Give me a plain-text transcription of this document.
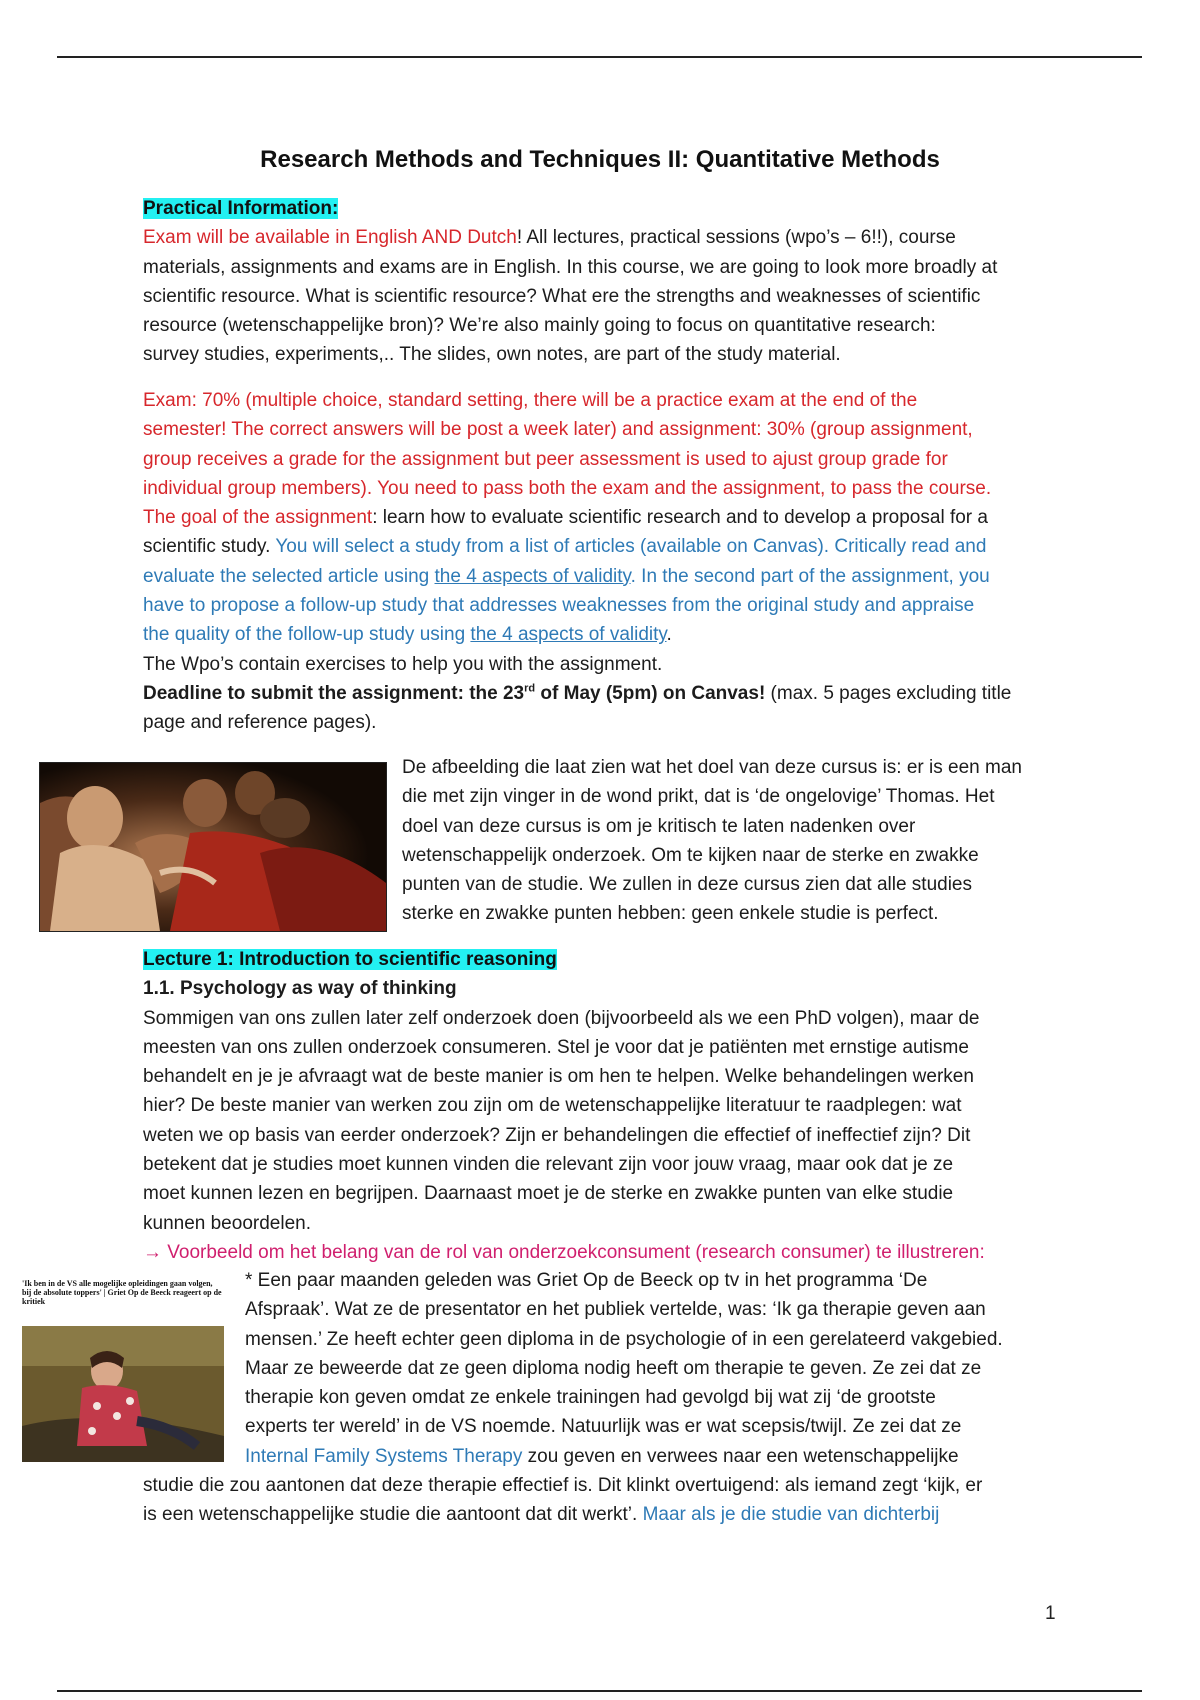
Research Methods and Techniques II: Quantitative Methods
Practical Information:
Exam will be available in English AND Dutch! All lectures, practical sessions (wpo’s – 6!!), course
materials, assignments and exams are in English. In this course, we are going to look more broadly at
scientific resource. What is scientific resource? What ere the strengths and weaknesses of scientific
resource (wetenschappelijke bron)? We’re also mainly going to focus on quantitative research:
survey studies, experiments,.. The slides, own notes, are part of the study material.
Exam: 70% (multiple choice, standard setting, there will be a practice exam at the end of the
semester! The correct answers will be post a week later) and assignment: 30% (group assignment,
group receives a grade for the assignment but peer assessment is used to ajust group grade for
individual group members). You need to pass both the exam and the assignment, to pass the course.
The goal of the assignment: learn how to evaluate scientific research and to develop a proposal for a
scientific study. You will select a study from a list of articles (available on Canvas). Critically read and
evaluate the selected article using the 4 aspects of validity. In the second part of the assignment, you
have to propose a follow-up study that addresses weaknesses from the original study and appraise
the quality of the follow-up study using the 4 aspects of validity.
The Wpo’s contain exercises to help you with the assignment.
Deadline to submit the assignment: the 23rd of May (5pm) on Canvas! (max. 5 pages excluding title
page and reference pages).
De afbeelding die laat zien wat het doel van deze cursus is: er is een man
die met zijn vinger in de wond prikt, dat is ‘de ongelovige’ Thomas. Het
doel van deze cursus is om je kritisch te laten nadenken over
wetenschappelijk onderzoek. Om te kijken naar de sterke en zwakke
punten van de studie. We zullen in deze cursus zien dat alle studies
sterke en zwakke punten hebben: geen enkele studie is perfect.
Lecture 1: Introduction to scientific reasoning
1.1. Psychology as way of thinking
Sommigen van ons zullen later zelf onderzoek doen (bijvoorbeeld als we een PhD volgen), maar de
meesten van ons zullen onderzoek consumeren. Stel je voor dat je patiënten met ernstige autisme
behandelt en je je afvraagt wat de beste manier is om hen te helpen. Welke behandelingen werken
hier? De beste manier van werken zou zijn om de wetenschappelijke literatuur te raadplegen: wat
weten we op basis van eerder onderzoek? Zijn er behandelingen die effectief of ineffectief zijn? Dit
betekent dat je studies moet kunnen vinden die relevant zijn voor jouw vraag, maar ook dat je ze
moet kunnen lezen en begrijpen. Daarnaast moet je de sterke en zwakke punten van elke studie
kunnen beoordelen.
→ Voorbeeld om het belang van de rol van onderzoekconsument (research consumer) te illustreren:
'Ik ben in de VS alle mogelijke opleidingen gaan volgen, bij de absolute toppers' | Griet Op de Beeck reageert op de kritiek
* Een paar maanden geleden was Griet Op de Beeck op tv in het programma ‘De
Afspraak’. Wat ze de presentator en het publiek vertelde, was: ‘Ik ga therapie geven aan
mensen.’ Ze heeft echter geen diploma in de psychologie of in een gerelateerd vakgebied.
Maar ze beweerde dat ze geen diploma nodig heeft om therapie te geven. Ze zei dat ze
therapie kon geven omdat ze enkele trainingen had gevolgd bij wat zij ‘de grootste
experts ter wereld’ in de VS noemde. Natuurlijk was er wat scepsis/twijl. Ze zei dat ze
Internal Family Systems Therapy zou geven en verwees naar een wetenschappelijke
studie die zou aantonen dat deze therapie effectief is. Dit klinkt overtuigend: als iemand zegt ‘kijk, er
is een wetenschappelijke studie die aantoont dat dit werkt’. Maar als je die studie van dichterbij
1
